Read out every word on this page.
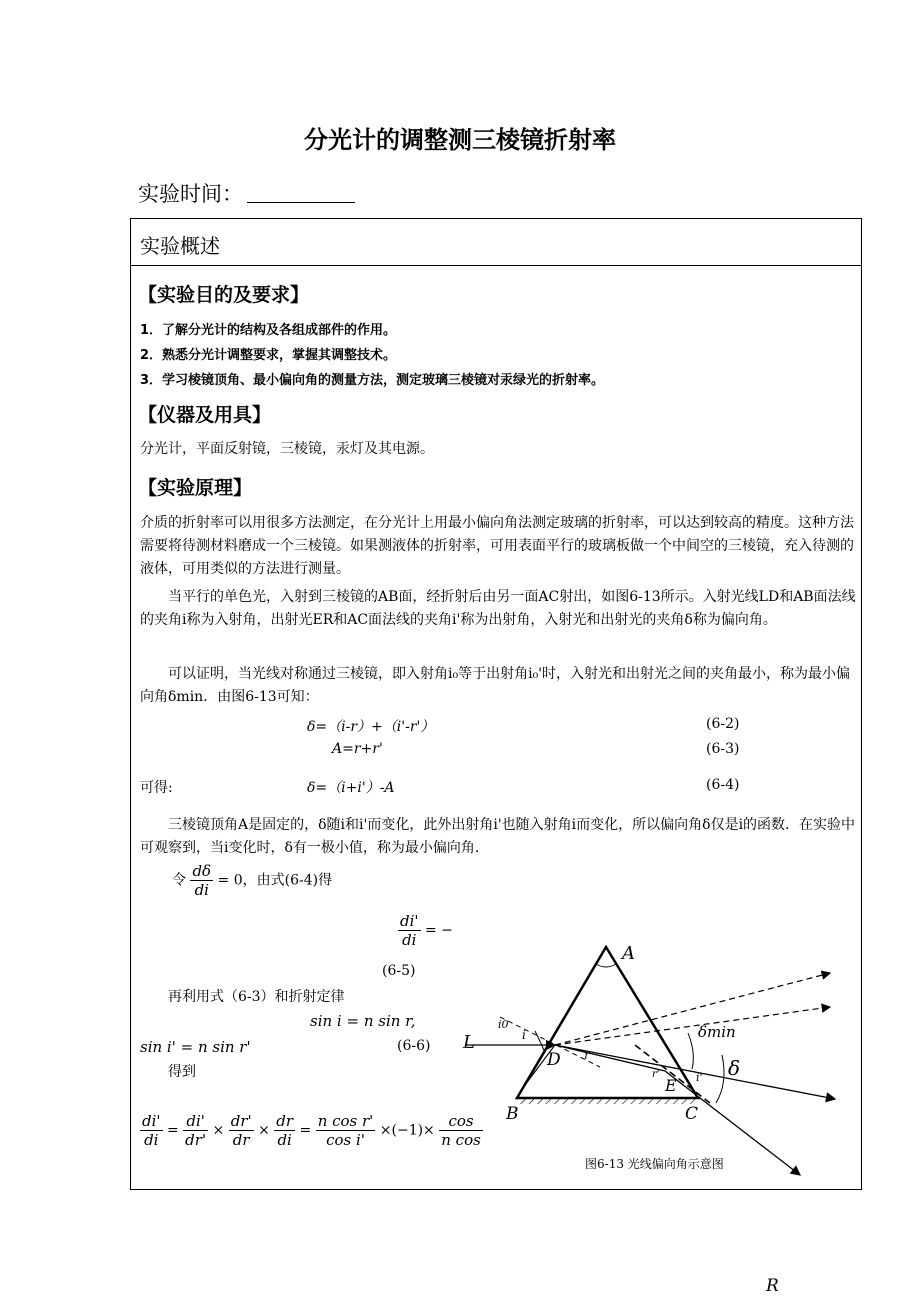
分光计的调整测三棱镜折射率
实验时间：
实验概述
【实验目的及要求】
1．了解分光计的结构及各组成部件的作用。
2．熟悉分光计调整要求，掌握其调整技术。
3．学习棱镜顶角、最小偏向角的测量方法，测定玻璃三棱镜对汞绿光的折射率。
【仪器及用具】
分光计，平面反射镜，三棱镜，汞灯及其电源。
【实验原理】
介质的折射率可以用很多方法测定，在分光计上用最小偏向角法测定玻璃的折射率，可以达到较高的精度。这种方法需要将待测材料磨成一个三棱镜。如果测液体的折射率，可用表面平行的玻璃板做一个中间空的三棱镜，充入待测的液体，可用类似的方法进行测量。
当平行的单色光，入射到三棱镜的AB面，经折射后由另一面AC射出，如图6-13所示。入射光线LD和AB面法线的夹角i称为入射角，出射光ER和AC面法线的夹角i'称为出射角，入射光和出射光的夹角δ称为偏向角。
可以证明，当光线对称通过三棱镜，即入射角i₀等于出射角i₀'时，入射光和出射光之间的夹角最小，称为最小偏向角δmin．由图6-13可知：
δ=（i-r）+（i'-r'）	(6-2)
A=r+r'	(6-3)
可得:	δ=（i+i'）-A	(6-4)
三棱镜顶角A是固定的，δ随i和i'而变化，此外出射角i'也随入射角i而变化，所以偏向角δ仅是i的函数．在实验中可观察到，当i变化时，δ有一极小值，称为最小偏向角．
令 $\frac{d\delta}{di} = 0$，由式(6-4)得
$\frac{di'}{di}$ = −
(6-5)
再利用式（6-3）和折射定律
sin i = n sin r,
sin i' = n sin r'	(6-6)
得到
$\frac{di'}{di} = \frac{di'}{dr'} \times \frac{dr'}{dr} \times \frac{dr}{di} = \frac{\text{n cos r'}}{\text{cos i'}} \times(-1)\times \frac{\cos}{\text{n cos}}$
A
B	C
D
E
L
R
i0
i
r
r'	i' δ
δmin
图6-13 光线偏向角示意图
